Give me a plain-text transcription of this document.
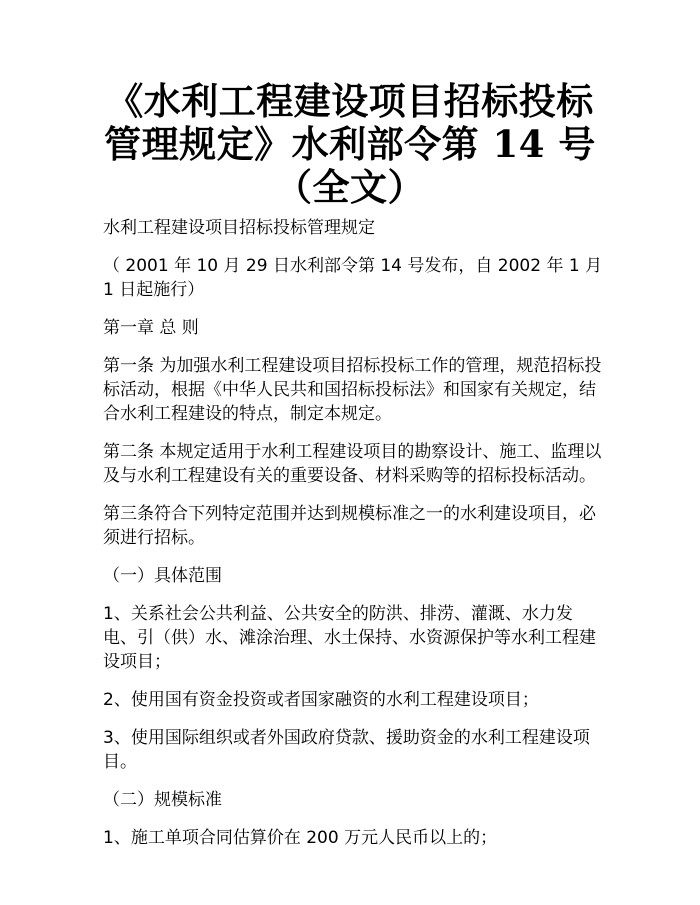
《水利工程建设项目招标投标管理规定》水利部令第 14 号（全文）

水利工程建设项目招标投标管理规定

（ 2001 年 10 月 29 日水利部令第 14 号发布，自 2002 年 1 月 1 日起施行）

第一章 总 则

第一条 为加强水利工程建设项目招标投标工作的管理，规范招标投标活动，根据《中华人民共和国招标投标法》和国家有关规定，结合水利工程建设的特点，制定本规定。

第二条 本规定适用于水利工程建设项目的勘察设计、施工、监理以及与水利工程建设有关的重要设备、材料采购等的招标投标活动。

第三条符合下列特定范围并达到规模标准之一的水利建设项目，必须进行招标。

（一）具体范围

1、关系社会公共利益、公共安全的防洪、排涝、灌溉、水力发电、引（供）水、滩涂治理、水土保持、水资源保护等水利工程建设项目；

2、使用国有资金投资或者国家融资的水利工程建设项目；

3、使用国际组织或者外国政府贷款、援助资金的水利工程建设项目。

（二）规模标准

1、施工单项合同估算价在 200 万元人民币以上的；
